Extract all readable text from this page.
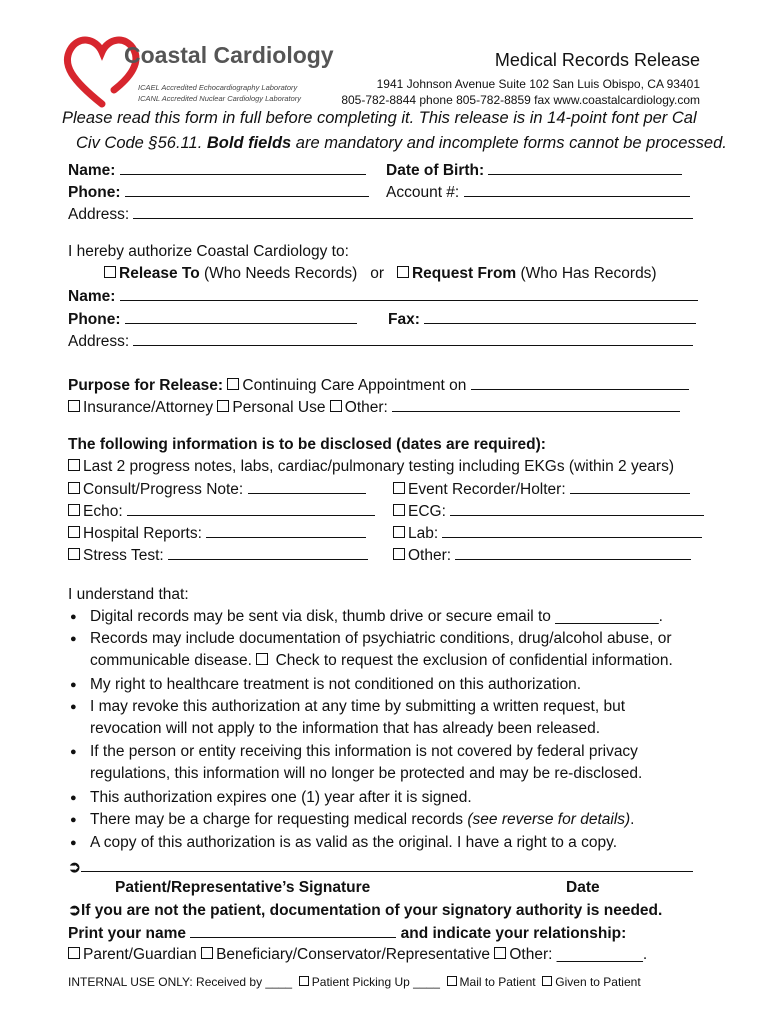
Coastal Cardiology
ICAEL Accredited Echocardiography Laboratory
ICANL Accredited Nuclear Cardiology Laboratory
Medical Records Release
1941 Johnson Avenue Suite 102 San Luis Obispo, CA 93401
805-782-8844 phone 805-782-8859 fax www.coastalcardiology.com
Please read this form in full before completing it. This release is in 14-point font per Cal
Civ Code §56.11. Bold fields are mandatory and incomplete forms cannot be processed.
Name:	Date of Birth:
Phone:	Account #:
Address:
I hereby authorize Coastal Cardiology to:
Release To (Who Needs Records) or Request From (Who Has Records)
Name:
Phone:	Fax:
Address:
Purpose for Release: Continuing Care Appointment on
Insurance/Attorney Personal Use Other:
The following information is to be disclosed (dates are required):
Last 2 progress notes, labs, cardiac/pulmonary testing including EKGs (within 2 years)
Consult/Progress Note:	Event Recorder/Holter:
Echo:	ECG:
Hospital Reports:	Lab:
Stress Test:	Other:
I understand that:
● Digital records may be sent via disk, thumb drive or secure email to ____________.
● Records may include documentation of psychiatric conditions, drug/alcohol abuse, or
communicable disease.  Check to request the exclusion of confidential information.
● My right to healthcare treatment is not conditioned on this authorization.
● I may revoke this authorization at any time by submitting a written request, but
revocation will not apply to the information that has already been released.
● If the person or entity receiving this information is not covered by federal privacy
regulations, this information will no longer be protected and may be re-disclosed.
● This authorization expires one (1) year after it is signed.
● There may be a charge for requesting medical records (see reverse for details).
● A copy of this authorization is as valid as the original. I have a right to a copy.
➲
Patient/Representative’s Signature	Date
➲If you are not the patient, documentation of your signatory authority is needed.
Print your name	and indicate your relationship:
Parent/Guardian Beneficiary/Conservator/Representative Other: __________.
INTERNAL USE ONLY: Received by ____ Patient Picking Up ____ Mail to Patient Given to Patient
